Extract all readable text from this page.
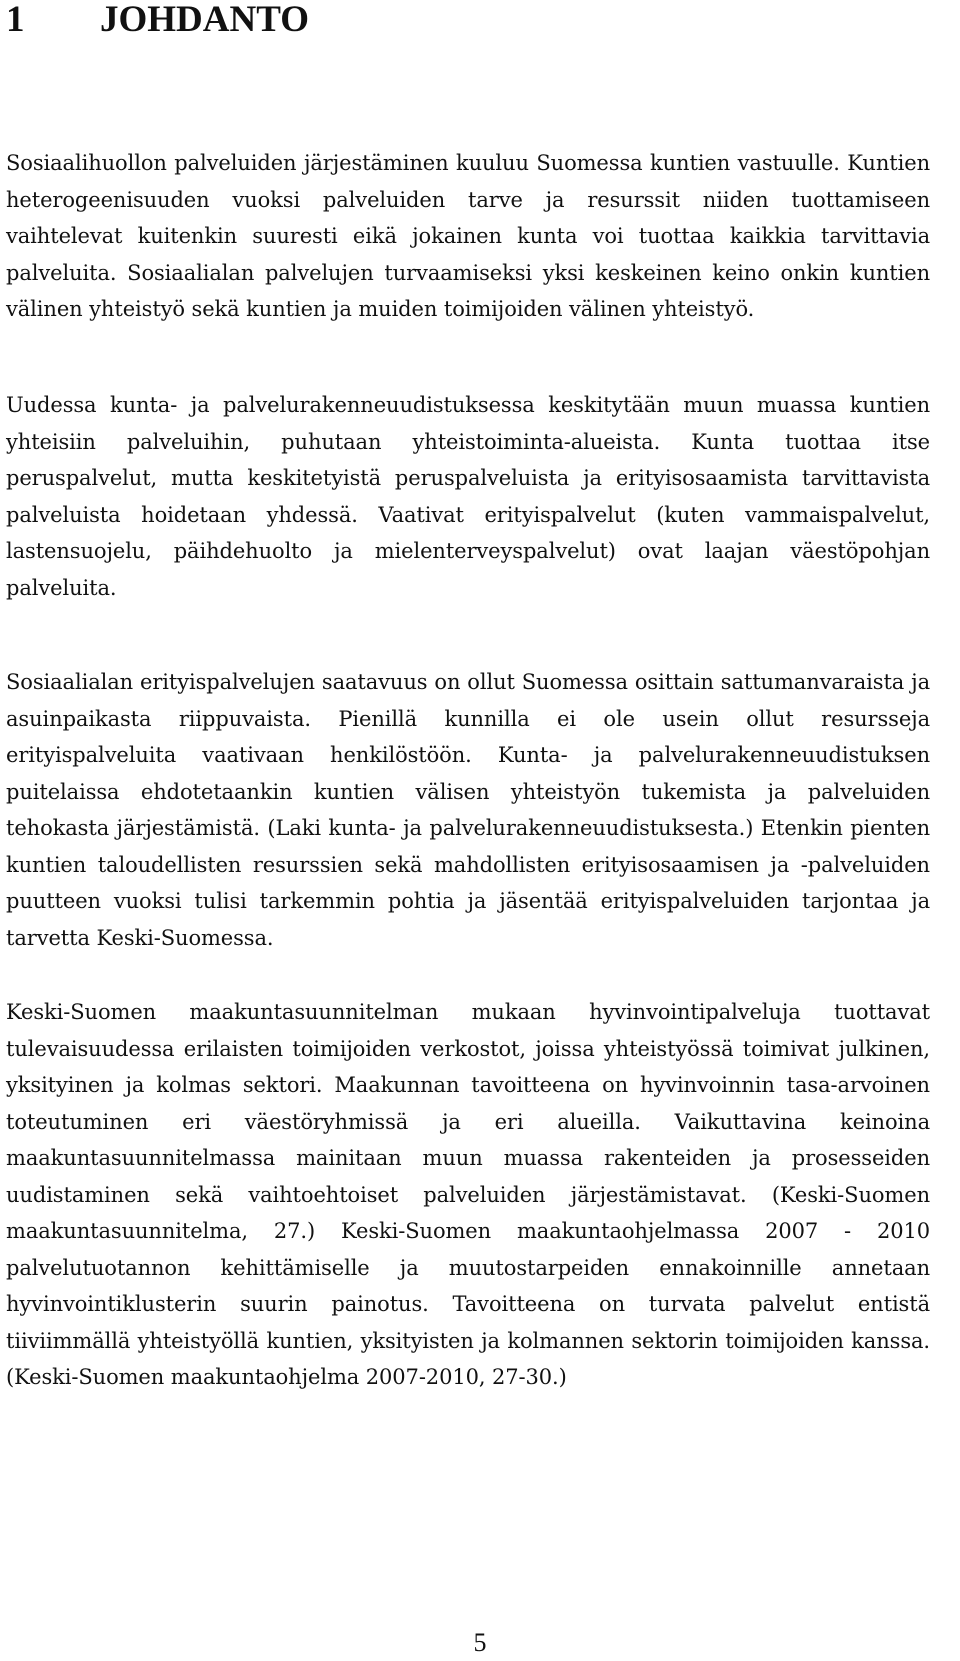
1 JOHDANTO

Sosiaalihuollon palveluiden järjestäminen kuuluu Suomessa kuntien vastuulle. Kuntien heterogeenisuuden vuoksi palveluiden tarve ja resurssit niiden tuottamiseen vaihtelevat kuitenkin suuresti eikä jokainen kunta voi tuottaa kaikkia tarvittavia palveluita. Sosiaalialan palvelujen turvaamiseksi yksi keskeinen keino onkin kuntien välinen yhteistyö sekä kuntien ja muiden toimijoiden välinen yhteistyö.

Uudessa kunta- ja palvelurakenneuudistuksessa keskitytään muun muassa kuntien yhteisiin palveluihin, puhutaan yhteistoiminta-alueista. Kunta tuottaa itse peruspalvelut, mutta keskitetyistä peruspalveluista ja erityisosaamista tarvittavista palveluista hoidetaan yhdessä. Vaativat erityispalvelut (kuten vammaispalvelut, lastensuojelu, päihdehuolto ja mielenterveyspalvelut) ovat laajan väestöpohjan palveluita.

Sosiaalialan erityispalvelujen saatavuus on ollut Suomessa osittain sattumanvaraista ja asuinpaikasta riippuvaista. Pienillä kunnilla ei ole usein ollut resursseja erityispalveluita vaativaan henkilöstöön. Kunta- ja palvelurakenneuudistuksen puitelaissa ehdotetaankin kuntien välisen yhteistyön tukemista ja palveluiden tehokasta järjestämistä. (Laki kunta- ja palvelurakenneuudistuksesta.) Etenkin pienten kuntien taloudellisten resurssien sekä mahdollisten erityisosaamisen ja -palveluiden puutteen vuoksi tulisi tarkemmin pohtia ja jäsentää erityispalveluiden tarjontaa ja tarvetta Keski-Suomessa.

Keski-Suomen maakuntasuunnitelman mukaan hyvinvointipalveluja tuottavat tulevaisuudessa erilaisten toimijoiden verkostot, joissa yhteistyössä toimivat julkinen, yksityinen ja kolmas sektori. Maakunnan tavoitteena on hyvinvoinnin tasa-arvoinen toteutuminen eri väestöryhmissä ja eri alueilla. Vaikuttavina keinoina maakuntasuunnitelmassa mainitaan muun muassa rakenteiden ja prosesseiden uudistaminen sekä vaihtoehtoiset palveluiden järjestämistavat. (Keski-Suomen maakuntasuunnitelma, 27.) Keski-Suomen maakuntaohjelmassa 2007 - 2010 palvelutuotannon kehittämiselle ja muutostarpeiden ennakoinnille annetaan hyvinvointiklusterin suurin painotus. Tavoitteena on turvata palvelut entistä tiiviimmällä yhteistyöllä kuntien, yksityisten ja kolmannen sektorin toimijoiden kanssa. (Keski-Suomen maakuntaohjelma 2007-2010, 27-30.)

5
